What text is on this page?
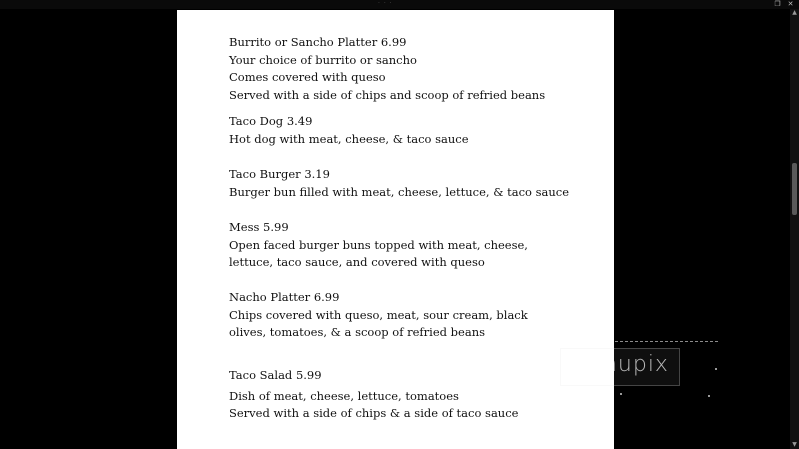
· · ·	❐ ✕
Burrito or Sancho Platter 6.99
Your choice of burrito or sancho
Comes covered with queso
Served with a side of chips and scoop of refried beans
Taco Dog 3.49
Hot dog with meat, cheese, & taco sauce
Taco Burger 3.19
Burger bun filled with meat, cheese, lettuce, & taco sauce
Mess 5.99
Open faced burger buns topped with meat, cheese,
lettuce, taco sauce, and covered with queso
Nacho Platter 6.99
Chips covered with queso, meat, sour cream, black
olives, tomatoes, & a scoop of refried beans
Taco Salad 5.99
Dish of meat, cheese, lettuce, tomatoes
Served with a side of chips & a side of taco sauce
menupix
▲
▼
